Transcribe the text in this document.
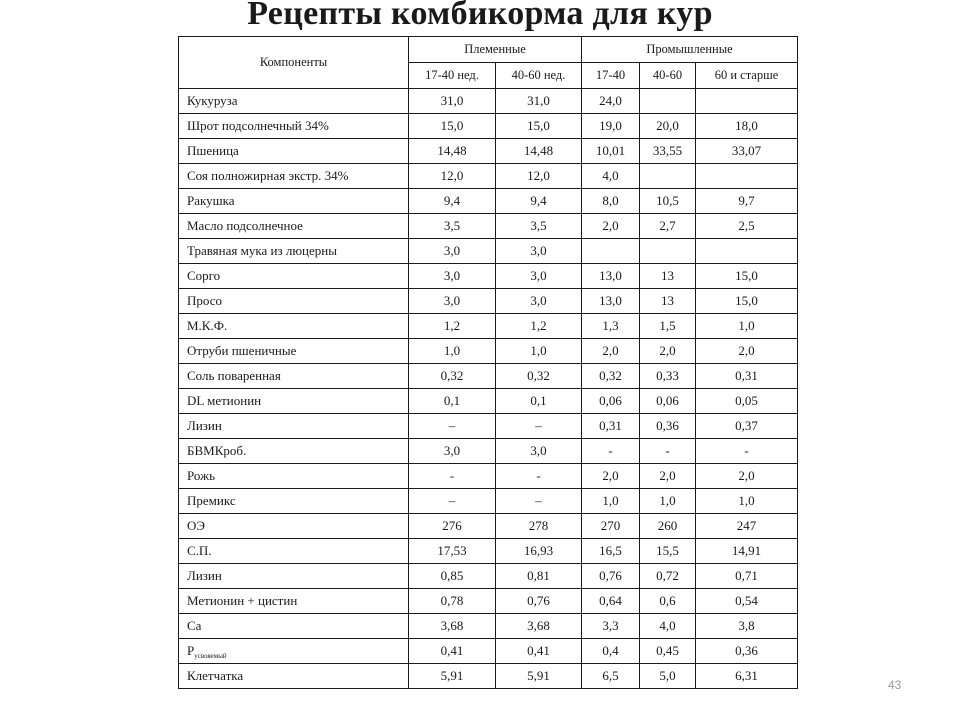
Рецепты комбикорма для кур
Компоненты	Племенные		Промышленные		
	17-40 нед.	40-60 нед.	17-40	40-60	60 и старше
Кукуруза	31,0	31,0	24,0		
Шрот подсолнечный 34%	15,0	15,0	19,0	20,0	18,0
Пшеница	14,48	14,48	10,01	33,55	33,07
Соя полножирная экстр. 34%	12,0	12,0	4,0		
Ракушка	9,4	9,4	8,0	10,5	9,7
Масло подсолнечное	3,5	3,5	2,0	2,7	2,5
Травяная мука из люцерны	3,0	3,0			
Сорго	3,0	3,0	13,0	13	15,0
Просо	3,0	3,0	13,0	13	15,0
М.К.Ф.	1,2	1,2	1,3	1,5	1,0
Отруби пшеничные	1,0	1,0	2,0	2,0	2,0
Соль поваренная	0,32	0,32	0,32	0,33	0,31
DL метионин	0,1	0,1	0,06	0,06	0,05
Лизин	–	–	0,31	0,36	0,37
БВМКроб.	3,0	3,0	-	-	-
Рожь	-	-	2,0	2,0	2,0
Премикс	–	–	1,0	1,0	1,0
ОЭ	276	278	270	260	247
С.П.	17,53	16,93	16,5	15,5	14,91
Лизин	0,85	0,81	0,76	0,72	0,71
Метионин + цистин	0,78	0,76	0,64	0,6	0,54
Са	3,68	3,68	3,3	4,0	3,8
$Р_{усвояемый}$	0,41	0,41	0,4	0,45	0,36
Клетчатка	5,91	5,91	6,5	5,0	6,31
43
